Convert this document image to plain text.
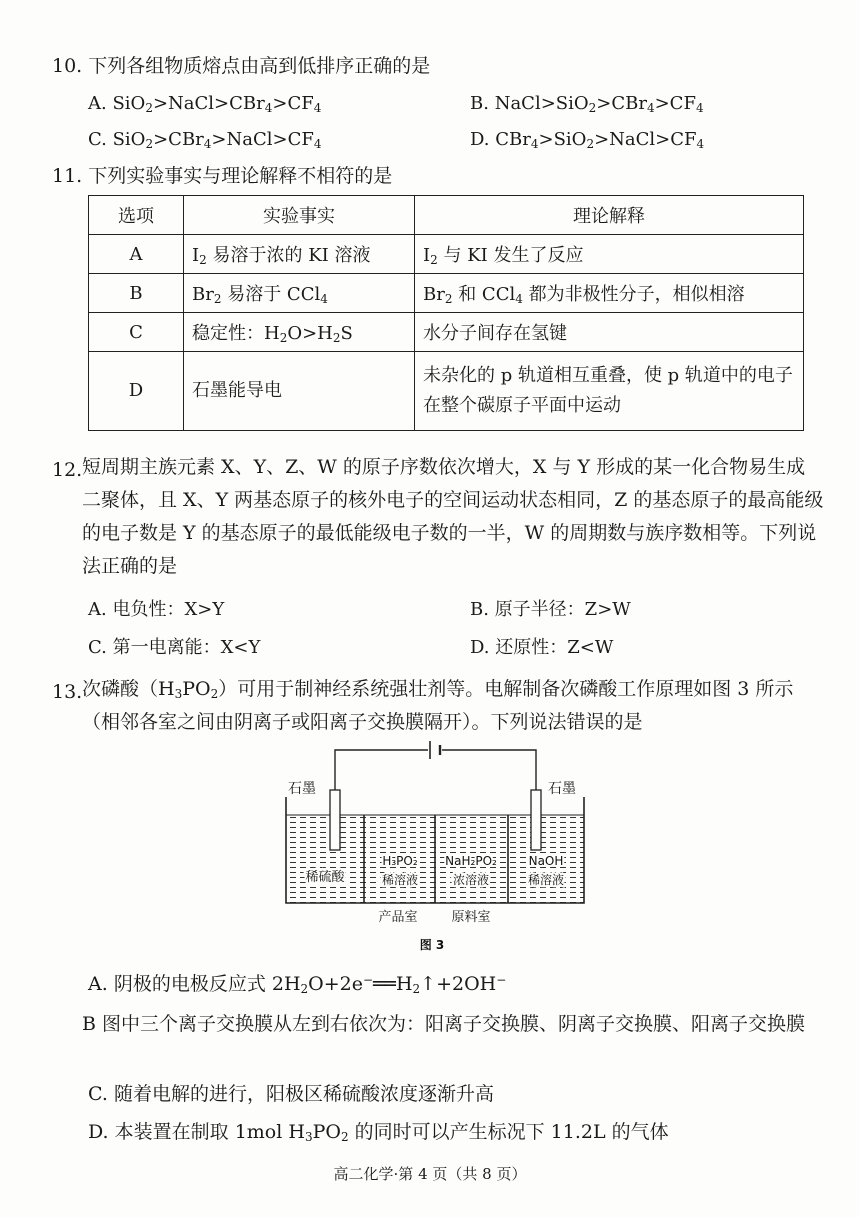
10. 下列各组物质熔点由高到低排序正确的是
A. $SiO_2>NaCl>CBr_4>CF_4$	B. $NaCl>SiO_2>CBr_4>CF_4$
C. $SiO_2>CBr_4>NaCl>CF_4$	D. $CBr_4>SiO_2>NaCl>CF_4$
11. 下列实验事实与理论解释不相符的是
选项	实验事实	理论解释
A	$I_2$ 易溶于浓的 KI 溶液	$I_2$ 与 KI 发生了反应
B	$Br_2$ 易溶于 CCl$_4$	$Br_2$ 和 CCl$_4$ 都为非极性分子，相似相溶
C	稳定性：$H_2O>H_2S$	水分子间存在氢键
D	石墨能导电	未杂化的 p 轨道相互重叠，使 p 轨道中的电子在整个碳原子平面中运动
12. 短周期主族元素 X、Y、Z、W 的原子序数依次增大，X 与 Y 形成的某一化合物易生成二聚体，且 X、Y 两基态原子的核外电子的空间运动状态相同，Z 的基态原子的最高能级的电子数是 Y 的基态原子的最低能级电子数的一半，W 的周期数与族序数相等。下列说法正确的是
A. 电负性：X>Y	B. 原子半径：Z>W
C. 第一电离能：X<Y	D. 还原性：Z<W
13. 次磷酸$(H_3PO_2)$可用于制神经系统强壮剂等。电解制备次磷酸工作原理如图 3 所示（相邻各室之间由阴离子或阳离子交换膜隔开）。下列说法错误的是
石墨	石墨
稀硫酸
H₃PO₂
稀溶液
NaH₂PO₂
浓溶液
NaOH
稀溶液
产品室	原料室
图 3
A. 阴极的电极反应式 $2H_2O+2e^-══H_2↑+2OH^-$
B 图中三个离子交换膜从左到右依次为：阳离子交换膜、阴离子交换膜、阳离子交换膜
C. 随着电解的进行，阳极区稀硫酸浓度逐渐升高
D. 本装置在制取 1mol $H_3PO_2$ 的同时可以产生标况下 11.2L 的气体
高二化学·第 4 页（共 8 页）
